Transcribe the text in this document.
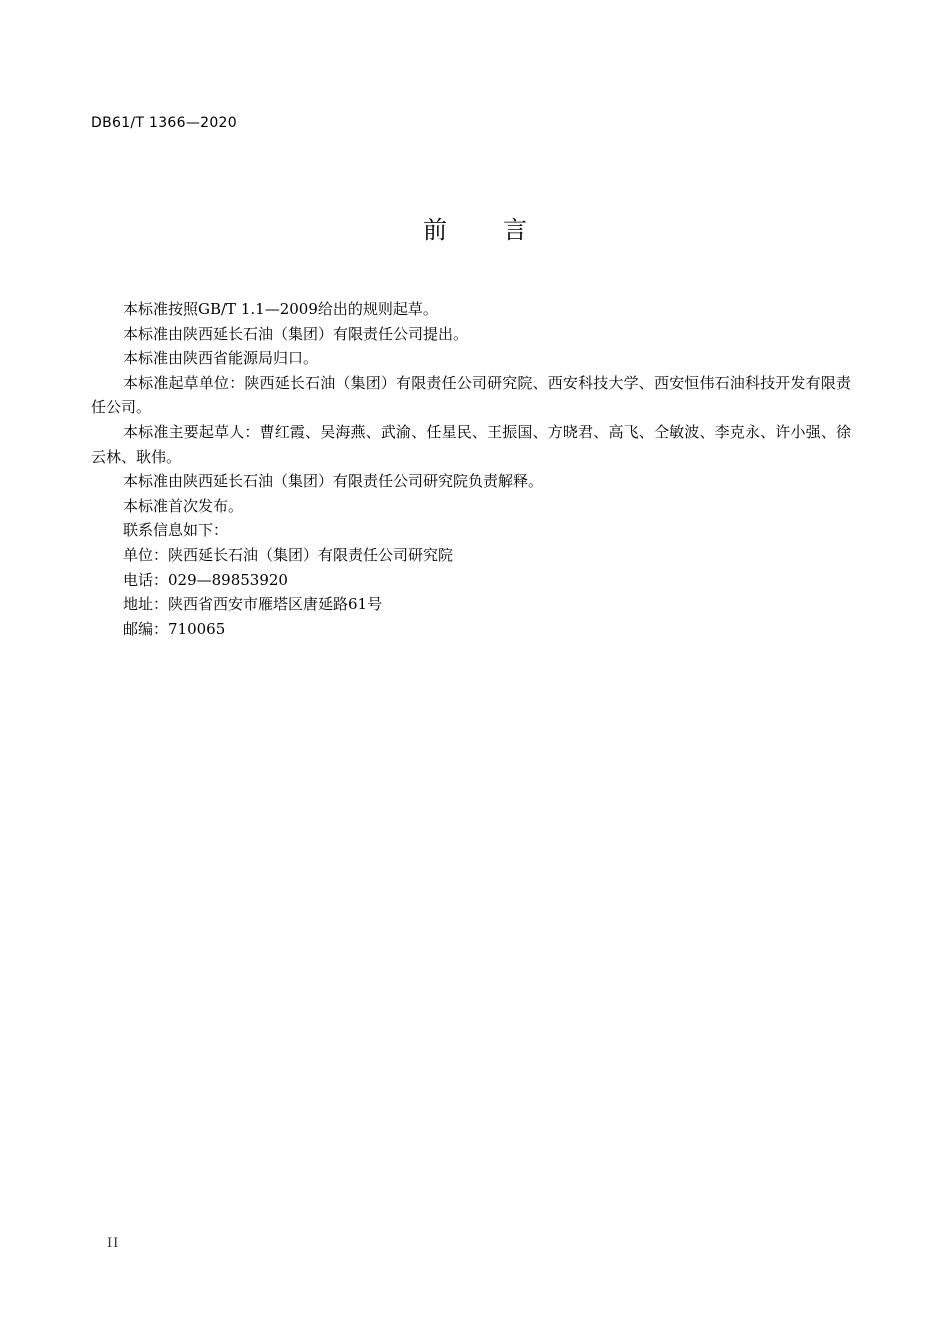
DB61/T 1366—2020
前 言

本标准按照GB/T 1.1—2009给出的规则起草。

本标准由陕西延长石油（集团）有限责任公司提出。

本标准由陕西省能源局归口。

本标准起草单位：陕西延长石油（集团）有限责任公司研究院、西安科技大学、西安恒伟石油科技开发有限责任公司。

本标准主要起草人：曹红霞、吴海燕、武渝、任星民、王振国、方晓君、高飞、仝敏波、李克永、许小强、徐云林、耿伟。

本标准由陕西延长石油（集团）有限责任公司研究院负责解释。

本标准首次发布。

联系信息如下：

单位：陕西延长石油（集团）有限责任公司研究院

电话：029—89853920

地址：陕西省西安市雁塔区唐延路61号

邮编：710065

II
